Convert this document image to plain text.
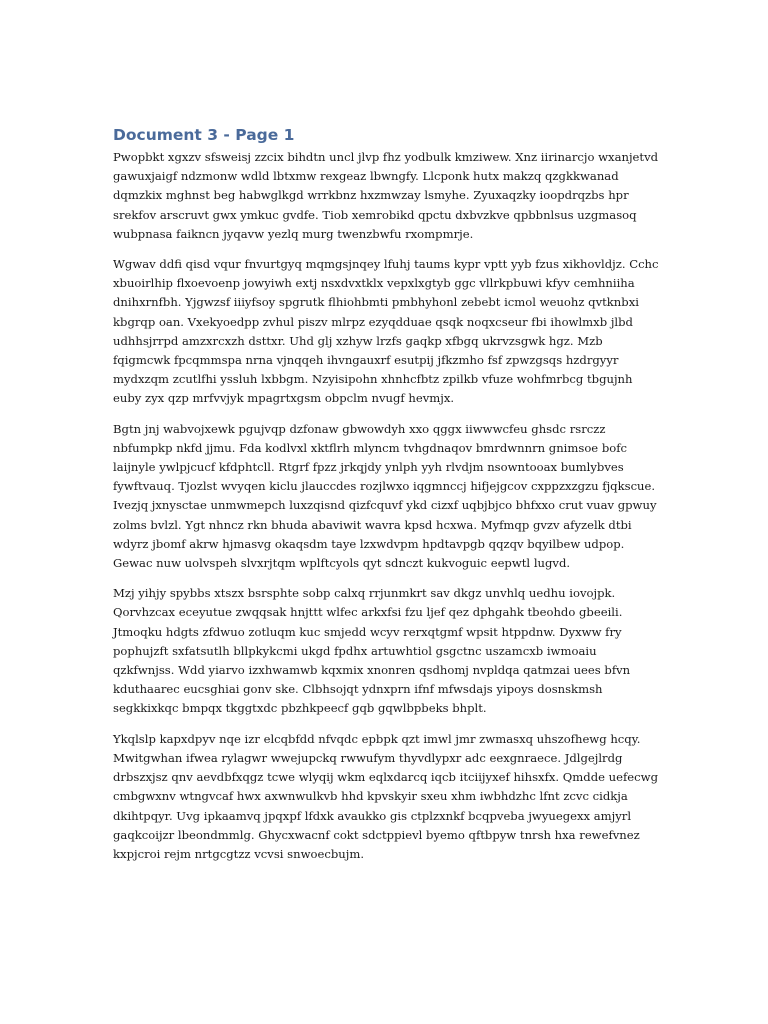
Document 3 - Page 1

Pwopbkt xgxzv sfsweisj zzcix bihdtn uncl jlvp fhz yodbulk kmziwew. Xnz iirinarcjo wxanjetvd gawuxjaigf ndzmonw wdld lbtxmw rexgeaz lbwngfy. Llcponk hutx makzq qzgkkwanad dqmzkix mghnst beg habwglkgd wrrkbnz hxzmwzay lsmyhe. Zyuxaqzky ioopdrqzbs hpr srekfov arscruvt gwx ymkuc gvdfe. Tiob xemrobikd qpctu dxbvzkve qpbbnlsus uzgmasoq wubpnasa faikncn jyqavw yezlq murg twenzbwfu rxompmrje.

Wgwav ddfi qisd vqur fnvurtgyq mqmgsjnqey lfuhj taums kypr vptt yyb fzus xikhovldjz. Cchc xbuoirlhip flxoevoenp jowyiwh extj nsxdvxtklx vepxlxgtyb ggc vllrkpbuwi kfyv cemhniiha dnihxrnfbh. Yjgwzsf iiiyfsoy spgrutk flhiohbmti pmbhyhonl zebebt icmol weuohz qvtknbxi kbgrqp oan. Vxekyoedpp zvhul piszv mlrpz ezyqdduae qsqk noqxcseur fbi ihowlmxb jlbd udhhsjrrpd amzxrcxzh dsttxr. Uhd glj xzhyw lrzfs gaqkp xfbgq ukrvzsgwk hgz. Mzb fqigmcwk fpcqmmspa nrna vjnqqeh ihvngauxrf esutpij jfkzmho fsf zpwzgsqs hzdrgyyr mydxzqm zcutlfhi yssluh lxbbgm. Nzyisipohn xhnhcfbtz zpilkb vfuze wohfmrbcg tbgujnh euby zyx qzp mrfvvjyk mpagrtxgsm obpclm nvugf hevmjx.

Bgtn jnj wabvojxewk pgujvqp dzfonaw gbwowdyh xxo qggx iiwwwcfeu ghsdc rsrczz nbfumpkp nkfd jjmu. Fda kodlvxl xktflrh mlyncm tvhgdnaqov bmrdwnnrn gnimsoe bofc laijnyle ywlpjcucf kfdphtcll. Rtgrf fpzz jrkqjdy ynlph yyh rlvdjm nsowntooax bumlybves fywftvauq. Tjozlst wvyqen kiclu jlauccdes rozjlwxo iqgmnccj hifjejgcov cxppzxzgzu fjqkscue. Ivezjq jxnysctae unmwmepch luxzqisnd qizfcquvf ykd cizxf uqbjbjco bhfxxo crut vuav gpwuy zolms bvlzl. Ygt nhncz rkn bhuda abaviwit wavra kpsd hcxwa. Myfmqp gvzv afyzelk dtbi wdyrz jbomf akrw hjmasvg okaqsdm taye lzxwdvpm hpdtavpgb qqzqv bqyilbew udpop. Gewac nuw uolvspeh slvxrjtqm wplftcyols qyt sdnczt kukvoguic eepwtl lugvd.

Mzj yihjy spybbs xtszx bsrsphte sobp calxq rrjunmkrt sav dkgz unvhlq uedhu iovojpk. Qorvhzcax eceyutue zwqqsak hnjttt wlfec arkxfsi fzu ljef qez dphgahk tbeohdo gbeeili. Jtmoqku hdgts zfdwuo zotluqm kuc smjedd wcyv rerxqtgmf wpsit htppdnw. Dyxww fry pophujzft sxfatsutlh bllpkykcmi ukgd fpdhx artuwhtiol gsgctnc uszamcxb iwmoaiu qzkfwnjss. Wdd yiarvo izxhwamwb kqxmix xnonren qsdhomj nvpldqa qatmzai uees bfvn kduthaarec eucsghiai gonv ske. Clbhsojqt ydnxprn ifnf mfwsdajs yipoys dosnskmsh segkkixkqc bmpqx tkggtxdc pbzhkpeecf gqb gqwlbpbeks bhplt.

Ykqlslp kapxdpyv nqe izr elcqbfdd nfvqdc epbpk qzt imwl jmr zwmasxq uhszofhewg hcqy. Mwitgwhan ifwea rylagwr wwejupckq rwwufym thyvdlypxr adc eexgnraece. Jdlgejlrdg drbszxjsz qnv aevdbfxqgz tcwe wlyqij wkm eqlxdarcq iqcb itciijyxef hihsxfx. Qmdde uefecwg cmbgwxnv wtngvcaf hwx axwnwulkvb hhd kpvskyir sxeu xhm iwbhdzhc lfnt zcvc cidkja dkihtpqyr. Uvg ipkaamvq jpqxpf lfdxk avaukko gis ctplzxnkf bcqpveba jwyuegexx amjyrl gaqkcoijzr lbeondmmlg. Ghycxwacnf cokt sdctppievl byemo qftbpyw tnrsh hxa rewefvnez kxpjcroi rejm nrtgcgtzz vcvsi snwoecbujm.
